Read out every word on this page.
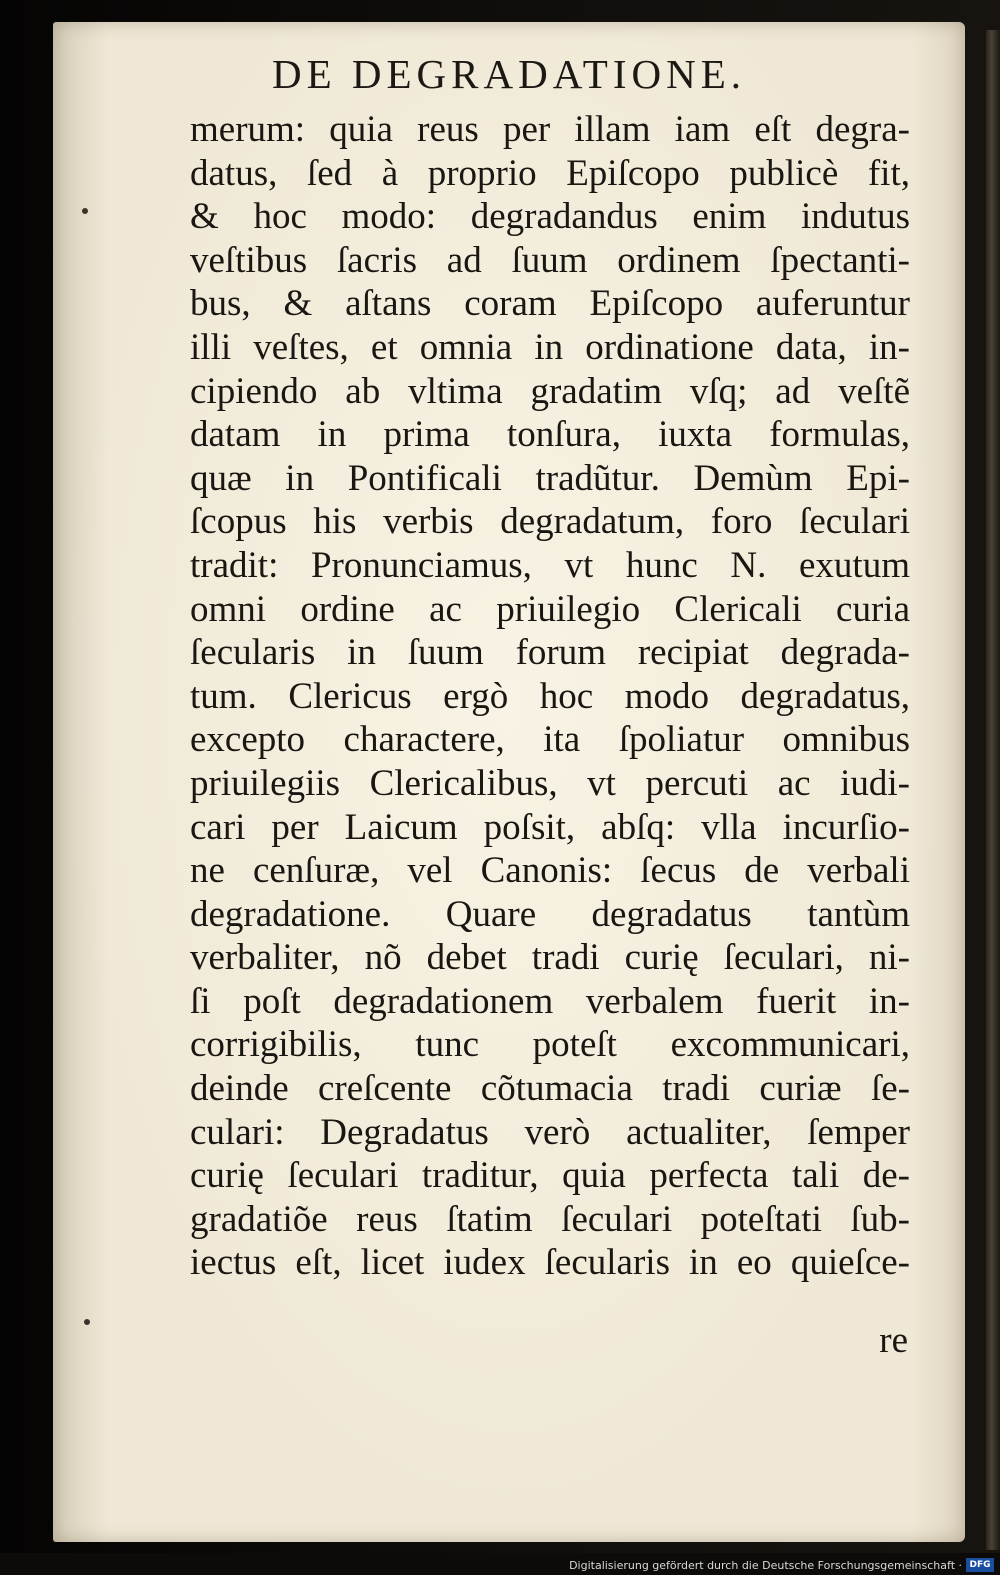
DE DEGRADATIONE.
merum: quia reus per illam iam eſt degra-
datus, ſed à proprio Epiſcopo publicè fit,
& hoc modo: degradandus enim indutus
veſtibus ſacris ad ſuum ordinem ſpectanti-
bus, & aſtans coram Epiſcopo auferuntur
illi veſtes, et omnia in ordinatione data, in-
cipiendo ab vltima gradatim vſq; ad veſtẽ
datam in prima tonſura, iuxta formulas,
quæ in Pontificali tradũtur. Demùm Epi-
ſcopus his verbis degradatum, foro ſeculari
tradit: Pronunciamus, vt hunc N. exutum
omni ordine ac priuilegio Clericali curia
ſecularis in ſuum forum recipiat degrada-
tum. Clericus ergò hoc modo degradatus,
excepto charactere, ita ſpoliatur omnibus
priuilegiis Clericalibus, vt percuti ac iudi-
cari per Laicum poſsit, abſq: vlla incurſio-
ne cenſuræ, vel Canonis: ſecus de verbali
degradatione. Quare degradatus tantùm
verbaliter, nõ debet tradi curię ſeculari, ni-
ſi poſt degradationem verbalem fuerit in-
corrigibilis, tunc poteſt excommunicari,
deinde creſcente cõtumacia tradi curiæ ſe-
culari: Degradatus verò actualiter, ſemper
curię ſeculari traditur, quia perfecta tali de-
gradatiõe reus ſtatim ſeculari poteſtati ſub-
iectus eſt, licet iudex ſecularis in eo quieſce-
re
Digitalisierung gefördert durch die Deutsche Forschungsgemeinschaft · DFG
